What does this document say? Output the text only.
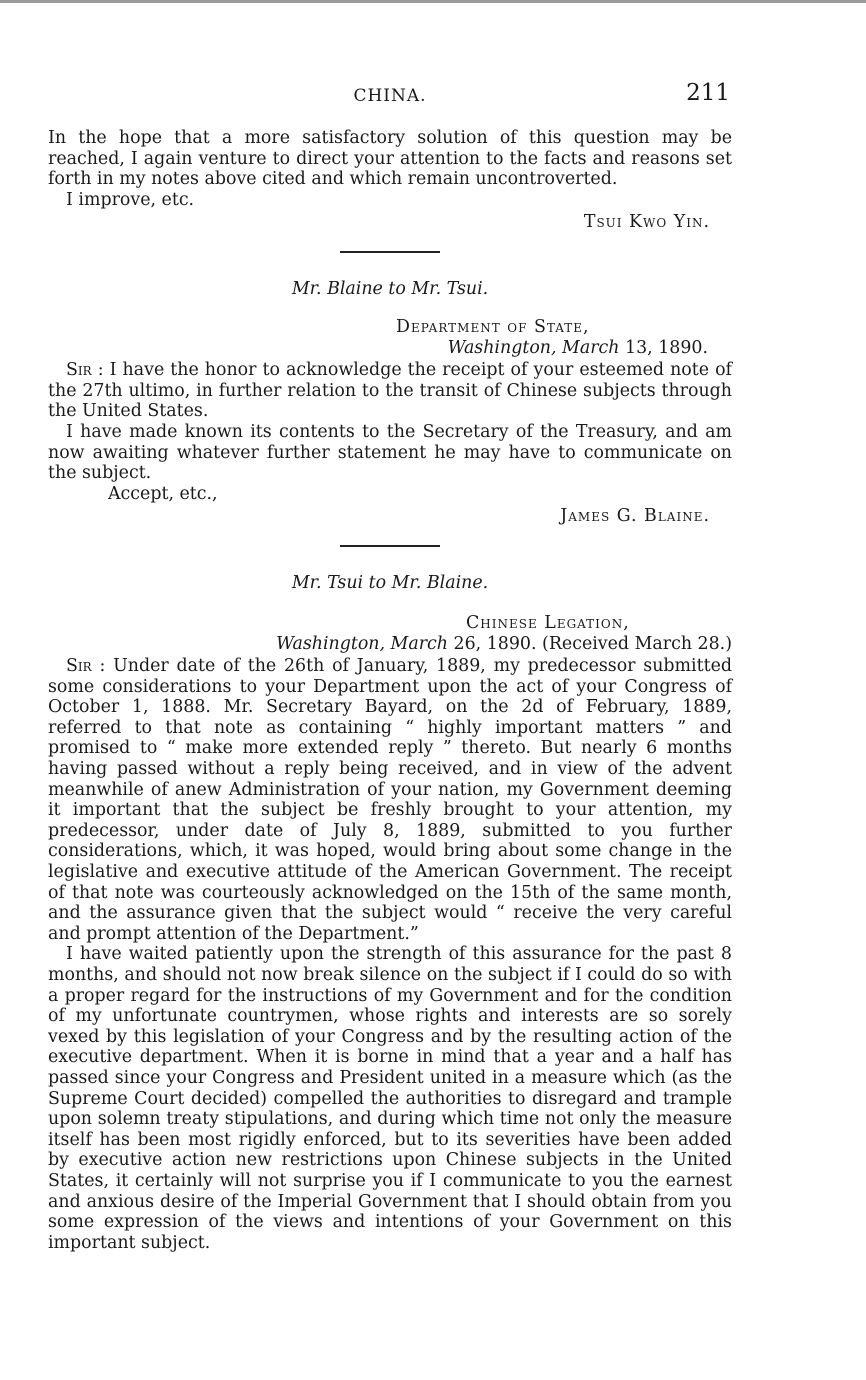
CHINA.	211

In the hope that a more satisfactory solution of this question may be reached, I again venture to direct your attention to the facts and reasons set forth in my notes above cited and which remain uncontroverted.

I improve, etc.

Tsui Kwo Yin.
Mr. Blaine to Mr. Tsui.
Department of State,
Washington, March 13, 1890.

Sir : I have the honor to acknowledge the receipt of your esteemed note of the 27th ultimo, in further relation to the transit of Chinese subjects through the United States.

I have made known its contents to the Secretary of the Treasury, and am now awaiting whatever further statement he may have to communicate on the subject.

Accept, etc.,

James G. Blaine.
Mr. Tsui to Mr. Blaine.
Chinese Legation,
Washington, March 26, 1890. (Received March 28.)

Sir : Under date of the 26th of January, 1889, my predecessor submitted some considerations to your Department upon the act of your Congress of October 1, 1888. Mr. Secretary Bayard, on the 2d of February, 1889, referred to that note as containing “ highly important matters ” and promised to “ make more extended reply ” thereto. But nearly 6 months having passed without a reply being received, and in view of the advent meanwhile of anew Administration of your nation, my Government deeming it important that the subject be freshly brought to your attention, my predecessor, under date of July 8, 1889, submitted to you further considerations, which, it was hoped, would bring about some change in the legislative and executive attitude of the American Government. The receipt of that note was courteously acknowledged on the 15th of the same month, and the assurance given that the subject would “ receive the very careful and prompt attention of the Department.”

I have waited patiently upon the strength of this assurance for the past 8 months, and should not now break silence on the subject if I could do so with a proper regard for the instructions of my Government and for the condition of my unfortunate countrymen, whose rights and interests are so sorely vexed by this legislation of your Congress and by the resulting action of the executive department. When it is borne in mind that a year and a half has passed since your Congress and President united in a measure which (as the Supreme Court decided) compelled the authorities to disregard and trample upon solemn treaty stipulations, and during which time not only the measure itself has been most rigidly enforced, but to its severities have been added by executive action new restrictions upon Chinese subjects in the United States, it certainly will not surprise you if I communicate to you the earnest and anxious desire of the Imperial Government that I should obtain from you some expression of the views and intentions of your Government on this important subject.
